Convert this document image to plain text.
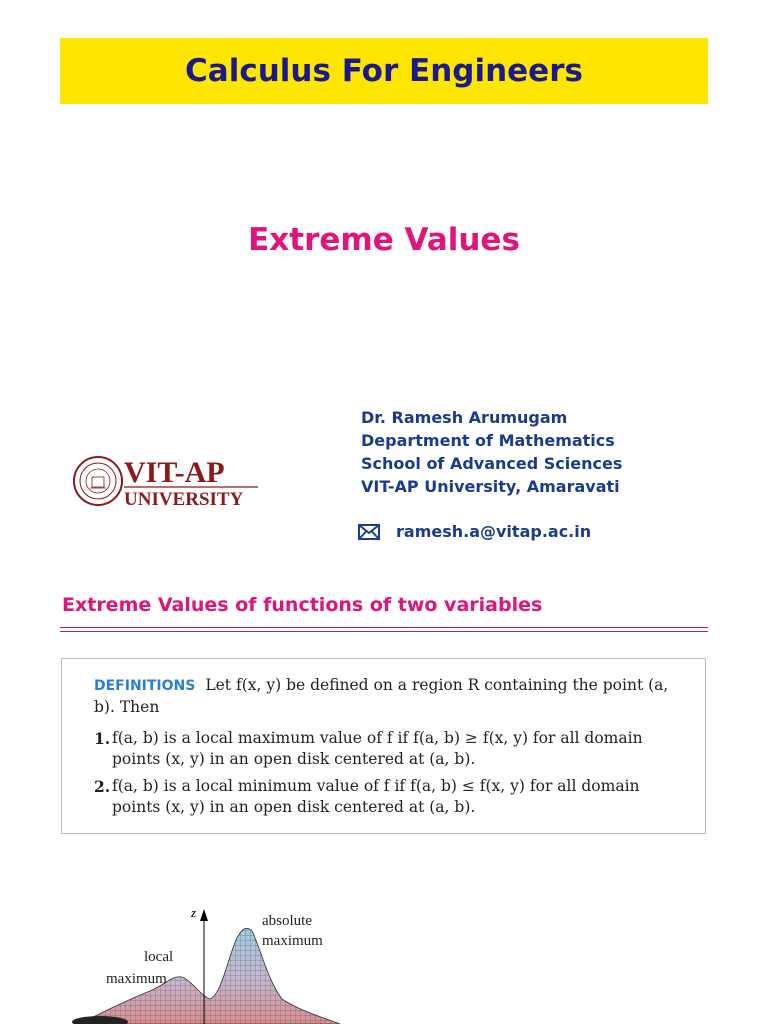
Calculus For Engineers
Extreme Values
VIT-AP
UNIVERSITY
Dr. Ramesh Arumugam
Department of Mathematics
School of Advanced Sciences
VIT-AP University, Amaravati
ramesh.a@vitap.ac.in
Extreme Values of functions of two variables
DEFINITIONS Let f(x, y) be defined on a region R containing the point (a, b). Then
1. f(a, b) is a local maximum value of f if f(a, b) ≥ f(x, y) for all domain points (x, y) in an open disk centered at (a, b).
2. f(a, b) is a local minimum value of f if f(a, b) ≤ f(x, y) for all domain points (x, y) in an open disk centered at (a, b).
z
absolute maximum
local maximum
